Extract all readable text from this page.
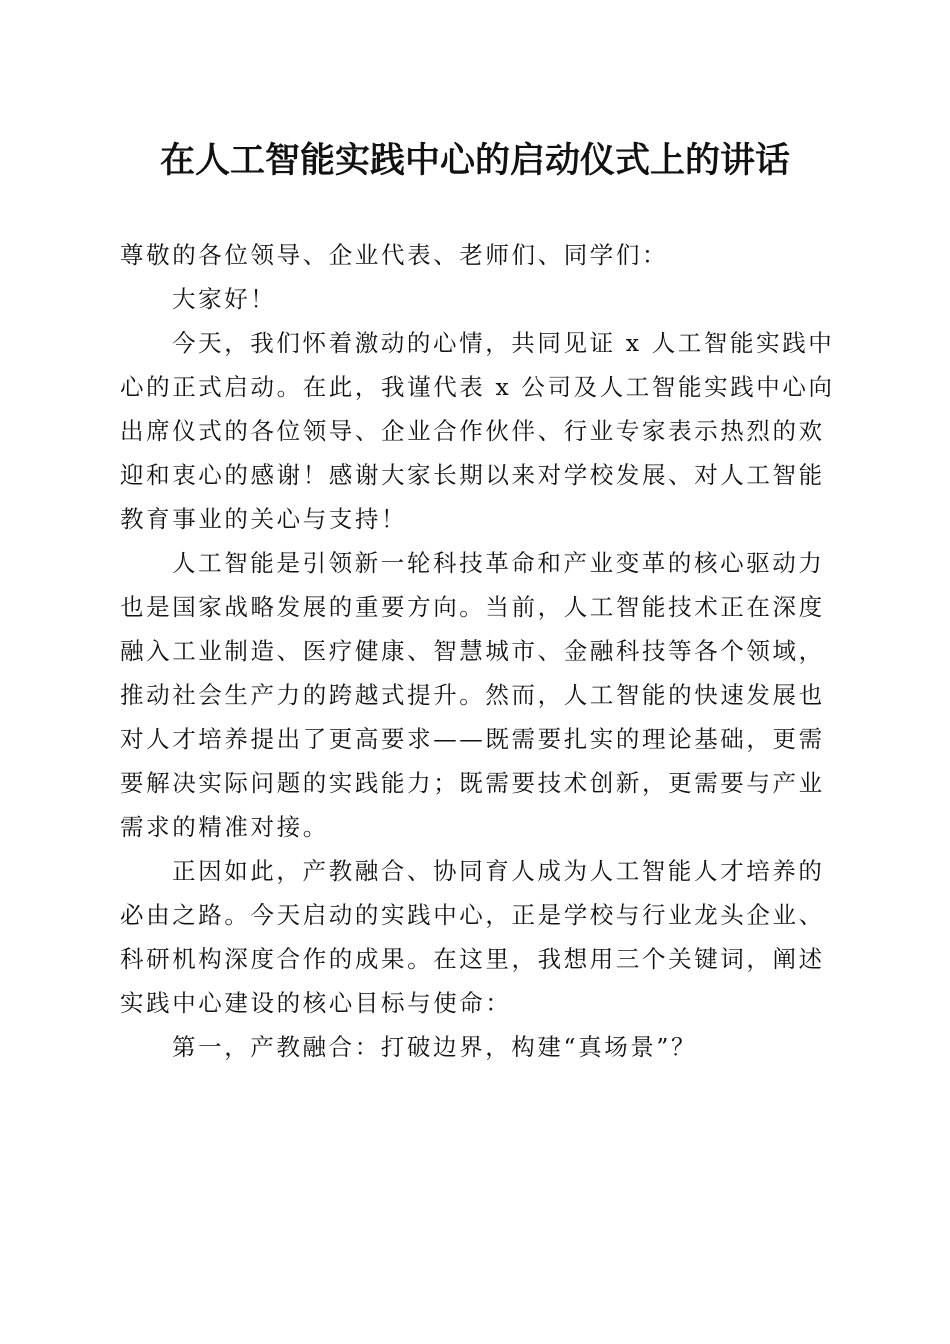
在人工智能实践中心的启动仪式上的讲话

尊敬的各位领导、企业代表、老师们、同学们：

大家好！

今天，我们怀着激动的心情，共同见证 x 人工智能实践中
心的正式启动。在此，我谨代表 x 公司及人工智能实践中心向
出席仪式的各位领导、企业合作伙伴、行业专家表示热烈的欢
迎和衷心的感谢！感谢大家长期以来对学校发展、对人工智能
教育事业的关心与支持！

人工智能是引领新一轮科技革命和产业变革的核心驱动力
也是国家战略发展的重要方向。当前，人工智能技术正在深度
融入工业制造、医疗健康、智慧城市、金融科技等各个领域，
推动社会生产力的跨越式提升。然而，人工智能的快速发展也
对人才培养提出了更高要求——既需要扎实的理论基础，更需
要解决实际问题的实践能力；既需要技术创新，更需要与产业
需求的精准对接。

正因如此，产教融合、协同育人成为人工智能人才培养的
必由之路。今天启动的实践中心，正是学校与行业龙头企业、
科研机构深度合作的成果。在这里，我想用三个关键词，阐述
实践中心建设的核心目标与使命：

第一，产教融合：打破边界，构建“真场景”？
